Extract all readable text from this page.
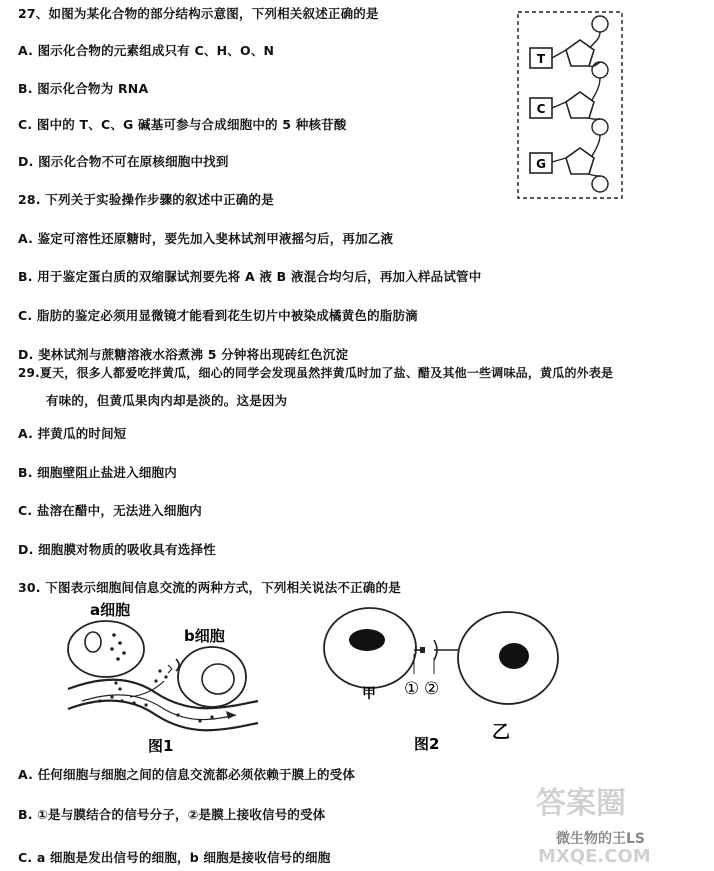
27、如图为某化合物的部分结构示意图，下列相关叙述正确的是
A. 图示化合物的元素组成只有 C、H、O、N
B. 图示化合物为 RNA
C. 图中的 T、C、G 碱基可参与合成细胞中的 5 种核苷酸
D. 图示化合物不可在原核细胞中找到
T
C
G
28. 下列关于实验操作步骤的叙述中正确的是
A. 鉴定可溶性还原糖时，要先加入斐林试剂甲液摇匀后，再加乙液
B. 用于鉴定蛋白质的双缩脲试剂要先将 A 液 B 液混合均匀后，再加入样品试管中
C. 脂肪的鉴定必须用显微镜才能看到花生切片中被染成橘黄色的脂肪滴
D. 斐林试剂与蔗糖溶液水浴煮沸 5 分钟将出现砖红色沉淀
29.夏天，很多人都爱吃拌黄瓜，细心的同学会发现虽然拌黄瓜时加了盐、醋及其他一些调味品，黄瓜的外表是
有味的，但黄瓜果肉内却是淡的。这是因为
A. 拌黄瓜的时间短
B. 细胞壁阻止盐进入细胞内
C. 盐溶在醋中，无法进入细胞内
D. 细胞膜对物质的吸收具有选择性
30. 下图表示细胞间信息交流的两种方式，下列相关说法不正确的是
a细胞
b细胞
图1
甲 ① ②
乙
图2
A. 任何细胞与细胞之间的信息交流都必须依赖于膜上的受体
B. ①是与膜结合的信号分子，②是膜上接收信号的受体
C. a 细胞是发出信号的细胞，b 细胞是接收信号的细胞
答案圈
微生物的王LS
MXQE.COM
